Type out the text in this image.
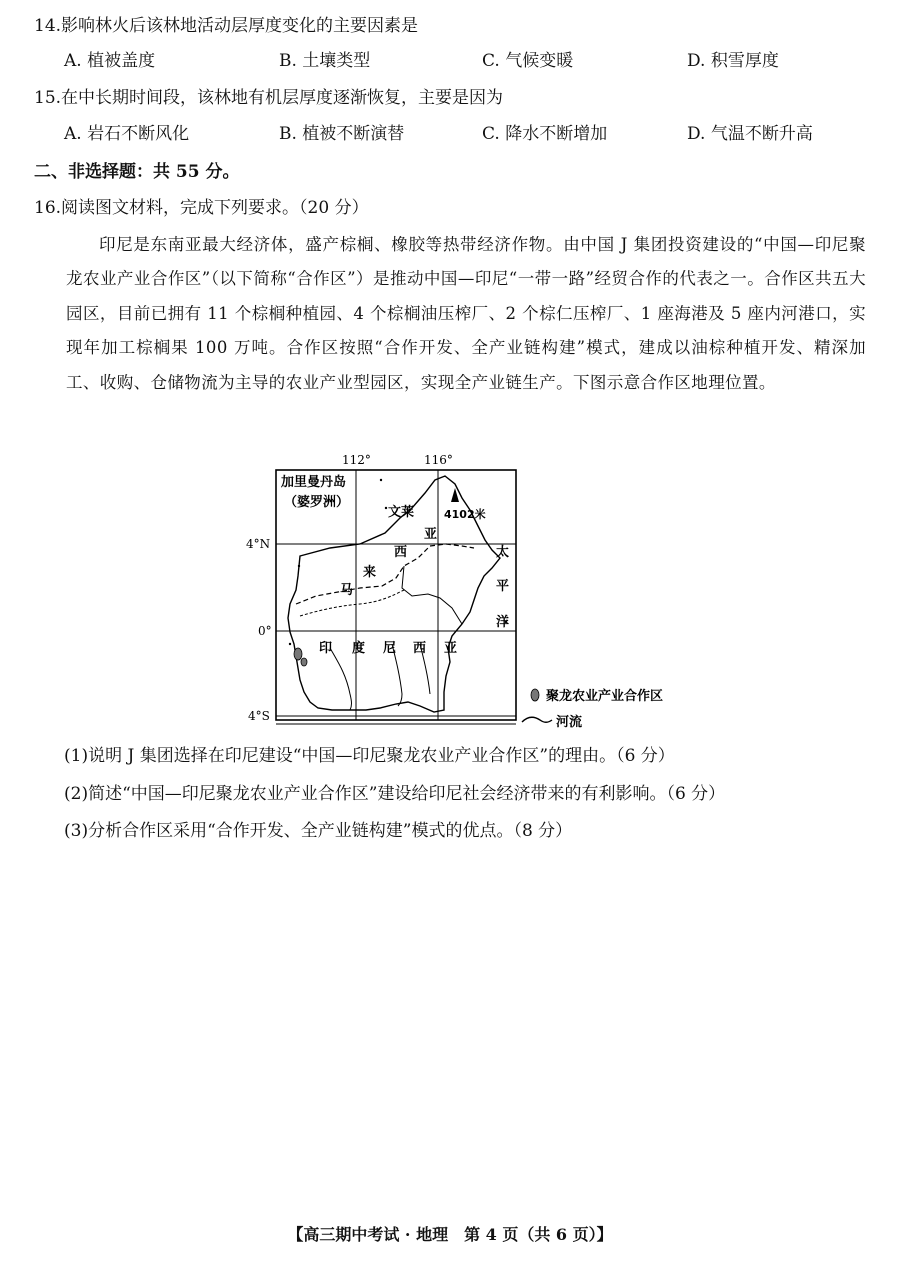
14.影响林火后该林地活动层厚度变化的主要因素是
A. 植被盖度	B. 土壤类型	C. 气候变暖	D. 积雪厚度
15.在中长期时间段，该林地有机层厚度逐渐恢复，主要是因为
A. 岩石不断风化	B. 植被不断演替	C. 降水不断增加	D. 气温不断升高
二、非选择题：共 55 分。
16.阅读图文材料，完成下列要求。（20 分）
印尼是东南亚最大经济体，盛产棕榈、橡胶等热带经济作物。由中国 J 集团投资建设的“中国—印尼聚龙农业产业合作区”（以下简称“合作区”）是推动中国—印尼“一带一路”经贸合作的代表之一。合作区共五大园区，目前已拥有 11 个棕榈种植园、4 个棕榈油压榨厂、2 个棕仁压榨厂、1 座海港及 5 座内河港口，实现年加工棕榈果 100 万吨。合作区按照“合作开发、全产业链构建”模式，建成以油棕种植开发、精深加工、收购、仓储物流为主导的农业产业型园区，实现全产业链生产。下图示意合作区地理位置。
112°	116°
4°N
0°
4°S
加里曼丹岛
（婆罗洲）
文莱	4102米
马
来
西
亚
印 度 尼 西 亚
太
平
洋
聚龙农业产业合作区
河流
(1)说明 J 集团选择在印尼建设“中国—印尼聚龙农业产业合作区”的理由。（6 分）
(2)简述“中国—印尼聚龙农业产业合作区”建设给印尼社会经济带来的有利影响。（6 分）
(3)分析合作区采用“合作开发、全产业链构建”模式的优点。（8 分）
【高三期中考试 · 地理　第 4 页（共 6 页）】
